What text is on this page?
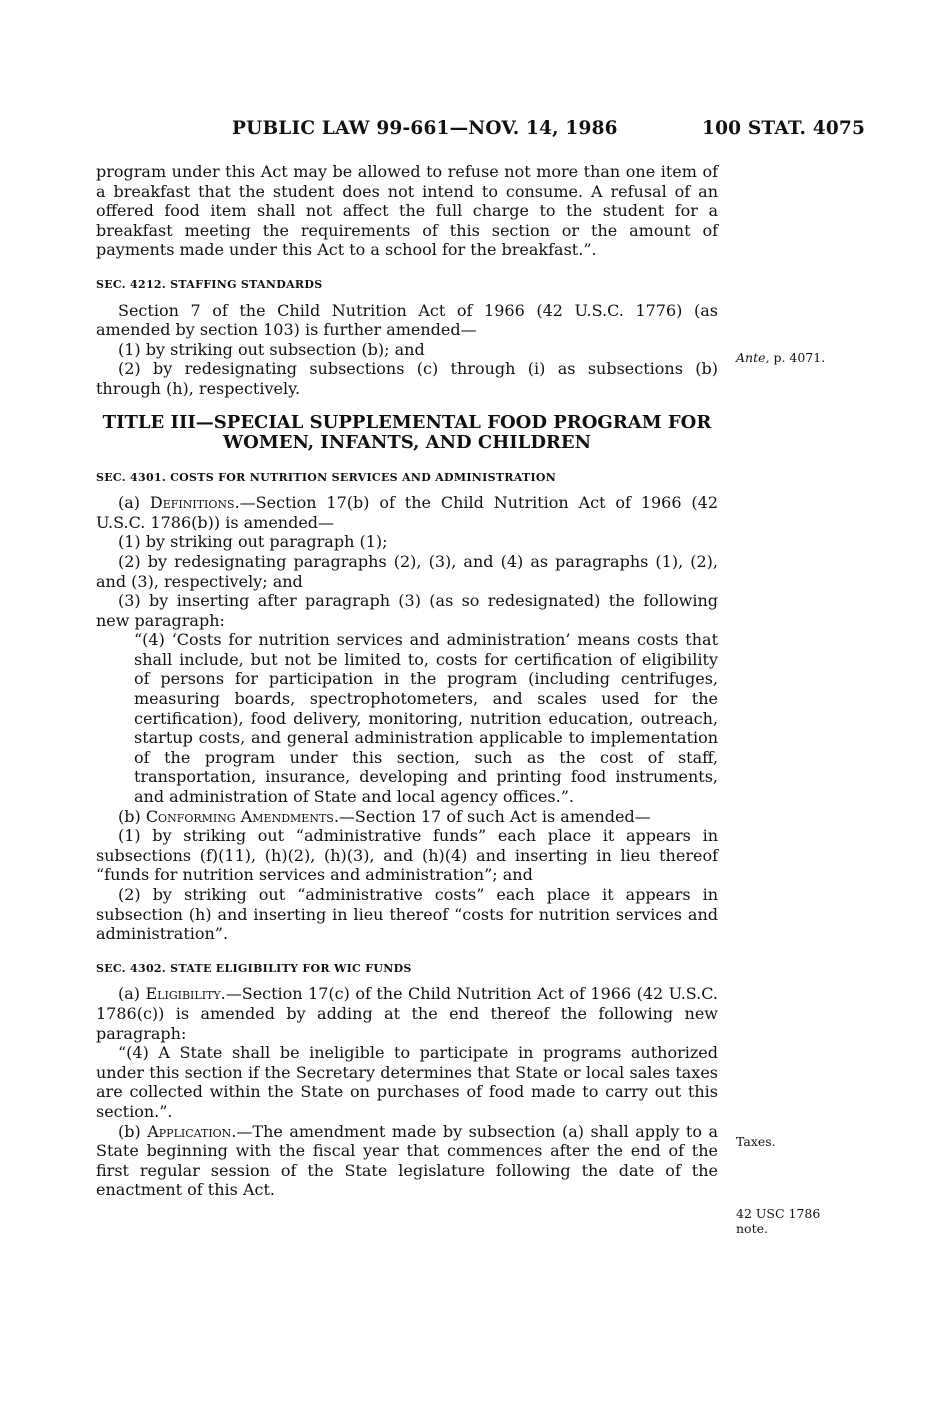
PUBLIC LAW 99-661—NOV. 14, 1986	100 STAT. 4075

program under this Act may be allowed to refuse not more than one item of a breakfast that the student does not intend to consume. A refusal of an offered food item shall not affect the full charge to the student for a breakfast meeting the requirements of this section or the amount of payments made under this Act to a school for the breakfast.”.

SEC. 4212. STAFFING STANDARDS

Section 7 of the Child Nutrition Act of 1966 (42 U.S.C. 1776) (as amended by section 103) is further amended—

(1) by striking out subsection (b); and

(2) by redesignating subsections (c) through (i) as subsections (b) through (h), respectively.

TITLE III—SPECIAL SUPPLEMENTAL FOOD PROGRAM FOR
WOMEN, INFANTS, AND CHILDREN
SEC. 4301. COSTS FOR NUTRITION SERVICES AND ADMINISTRATION

(a) Definitions.—Section 17(b) of the Child Nutrition Act of 1966 (42 U.S.C. 1786(b)) is amended—

(1) by striking out paragraph (1);

(2) by redesignating paragraphs (2), (3), and (4) as paragraphs (1), (2), and (3), respectively; and

(3) by inserting after paragraph (3) (as so redesignated) the following new paragraph:

“(4) ‘Costs for nutrition services and administration’ means costs that shall include, but not be limited to, costs for certification of eligibility of persons for participation in the program (including centrifuges, measuring boards, spectrophotometers, and scales used for the certification), food delivery, monitoring, nutrition education, outreach, startup costs, and general administration applicable to implementation of the program under this section, such as the cost of staff, transportation, insurance, developing and printing food instruments, and administration of State and local agency offices.”.

(b) Conforming Amendments.—Section 17 of such Act is amended—

(1) by striking out “administrative funds” each place it appears in subsections (f)(11), (h)(2), (h)(3), and (h)(4) and inserting in lieu thereof “funds for nutrition services and administration”; and

(2) by striking out “administrative costs” each place it appears in subsection (h) and inserting in lieu thereof “costs for nutrition services and administration”.

SEC. 4302. STATE ELIGIBILITY FOR WIC FUNDS

(a) Eligibility.—Section 17(c) of the Child Nutrition Act of 1966 (42 U.S.C. 1786(c)) is amended by adding at the end thereof the following new paragraph:

“(4) A State shall be ineligible to participate in programs authorized under this section if the Secretary determines that State or local sales taxes are collected within the State on purchases of food made to carry out this section.”.

(b) Application.—The amendment made by subsection (a) shall apply to a State beginning with the fiscal year that commences after the end of the first regular session of the State legislature following the date of the enactment of this Act.

Ante, p. 4071.
Taxes.
42 USC 1786
note.
